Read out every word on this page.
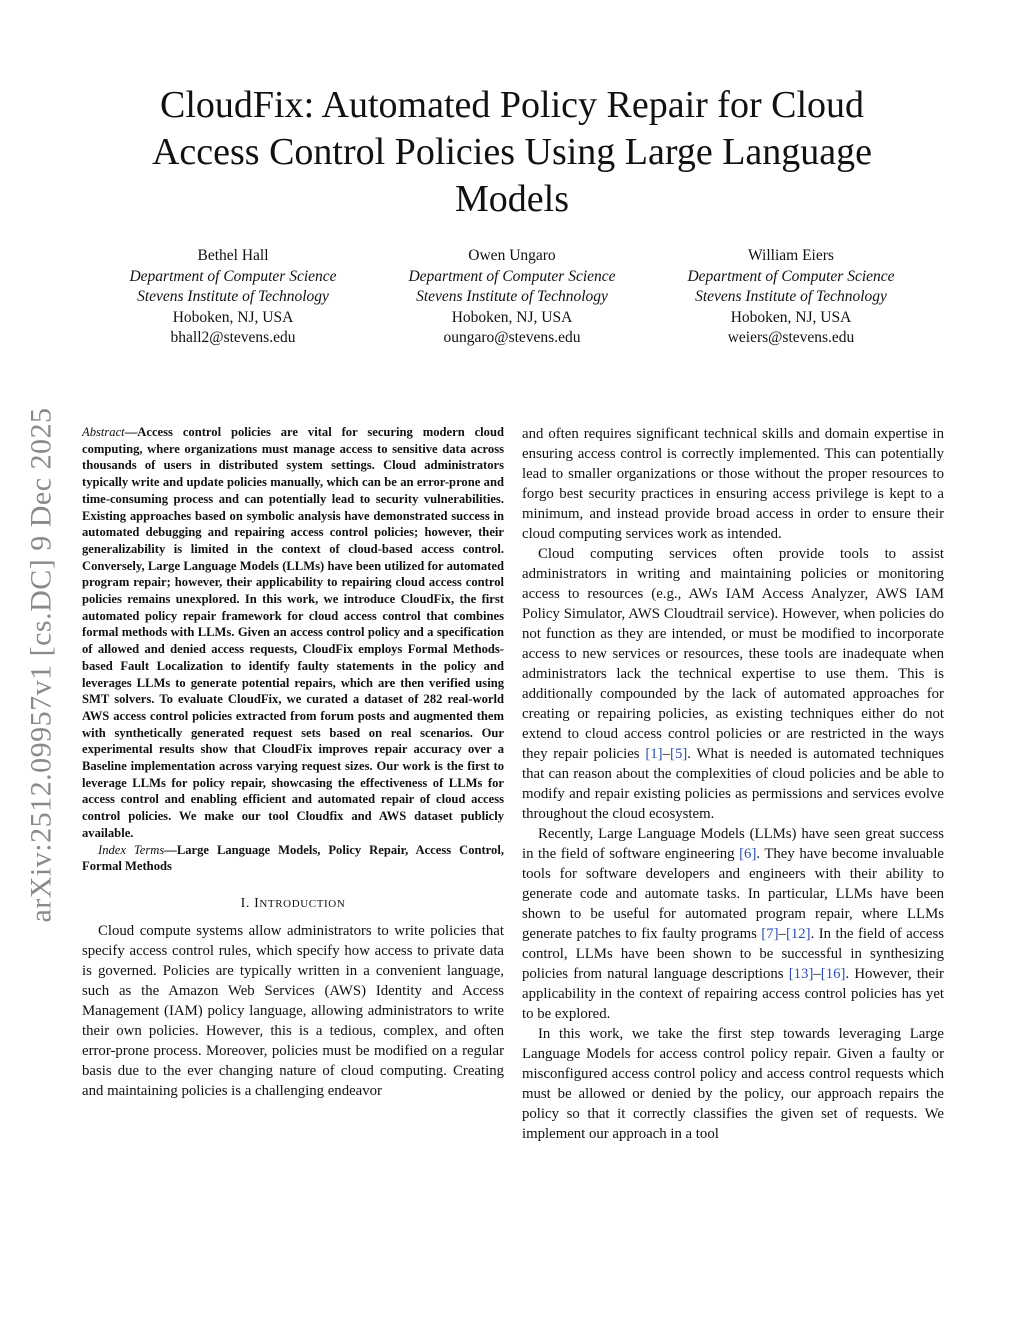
arXiv:2512.09957v1 [cs.DC] 9 Dec 2025
CloudFix: Automated Policy Repair for Cloud
Access Control Policies Using Large Language
Models
Bethel Hall
Department of Computer Science
Stevens Institute of Technology
Hoboken, NJ, USA
bhall2@stevens.edu
Owen Ungaro
Department of Computer Science
Stevens Institute of Technology
Hoboken, NJ, USA
oungaro@stevens.edu
William Eiers
Department of Computer Science
Stevens Institute of Technology
Hoboken, NJ, USA
weiers@stevens.edu

Abstract—Access control policies are vital for securing modern cloud computing, where organizations must manage access to sensitive data across thousands of users in distributed system settings. Cloud administrators typically write and update policies manually, which can be an error-prone and time-consuming process and can potentially lead to security vulnerabilities. Existing approaches based on symbolic analysis have demonstrated success in automated debugging and repairing access control policies; however, their generalizability is limited in the context of cloud-based access control. Conversely, Large Language Models (LLMs) have been utilized for automated program repair; however, their applicability to repairing cloud access control policies remains unexplored. In this work, we introduce CloudFix, the first automated policy repair framework for cloud access control that combines formal methods with LLMs. Given an access control policy and a specification of allowed and denied access requests, CloudFix employs Formal Methods-based Fault Localization to identify faulty statements in the policy and leverages LLMs to generate potential repairs, which are then verified using SMT solvers. To evaluate CloudFix, we curated a dataset of 282 real-world AWS access control policies extracted from forum posts and augmented them with synthetically generated request sets based on real scenarios. Our experimental results show that CloudFix improves repair accuracy over a Baseline implementation across varying request sizes. Our work is the first to leverage LLMs for policy repair, showcasing the effectiveness of LLMs for access control and enabling efficient and automated repair of cloud access control policies. We make our tool Cloudfix and AWS dataset publicly available.

Index Terms—Large Language Models, Policy Repair, Access Control, Formal Methods

I. INTRODUCTION

Cloud compute systems allow administrators to write policies that specify access control rules, which specify how access to private data is governed. Policies are typically written in a convenient language, such as the Amazon Web Services (AWS) Identity and Access Management (IAM) policy language, allowing administrators to write their own policies. However, this is a tedious, complex, and often error-prone process. Moreover, policies must be modified on a regular basis due to the ever changing nature of cloud computing. Creating and maintaining policies is a challenging endeavor

and often requires significant technical skills and domain expertise in ensuring access control is correctly implemented. This can potentially lead to smaller organizations or those without the proper resources to forgo best security practices in ensuring access privilege is kept to a minimum, and instead provide broad access in order to ensure their cloud computing services work as intended.

Cloud computing services often provide tools to assist administrators in writing and maintaining policies or monitoring access to resources (e.g., AWs IAM Access Analyzer, AWS IAM Policy Simulator, AWS Cloudtrail service). However, when policies do not function as they are intended, or must be modified to incorporate access to new services or resources, these tools are inadequate when administrators lack the technical expertise to use them. This is additionally compounded by the lack of automated approaches for creating or repairing policies, as existing techniques either do not extend to cloud access control policies or are restricted in the ways they repair policies [1]–[5]. What is needed is automated techniques that can reason about the complexities of cloud policies and be able to modify and repair existing policies as permissions and services evolve throughout the cloud ecosystem.

Recently, Large Language Models (LLMs) have seen great success in the field of software engineering [6]. They have become invaluable tools for software developers and engineers with their ability to generate code and automate tasks. In particular, LLMs have been shown to be useful for automated program repair, where LLMs generate patches to fix faulty programs [7]–[12]. In the field of access control, LLMs have been shown to be successful in synthesizing policies from natural language descriptions [13]–[16]. However, their applicability in the context of repairing access control policies has yet to be explored.

In this work, we take the first step towards leveraging Large Language Models for access control policy repair. Given a faulty or misconfigured access control policy and access control requests which must be allowed or denied by the policy, our approach repairs the policy so that it correctly classifies the given set of requests. We implement our approach in a tool
